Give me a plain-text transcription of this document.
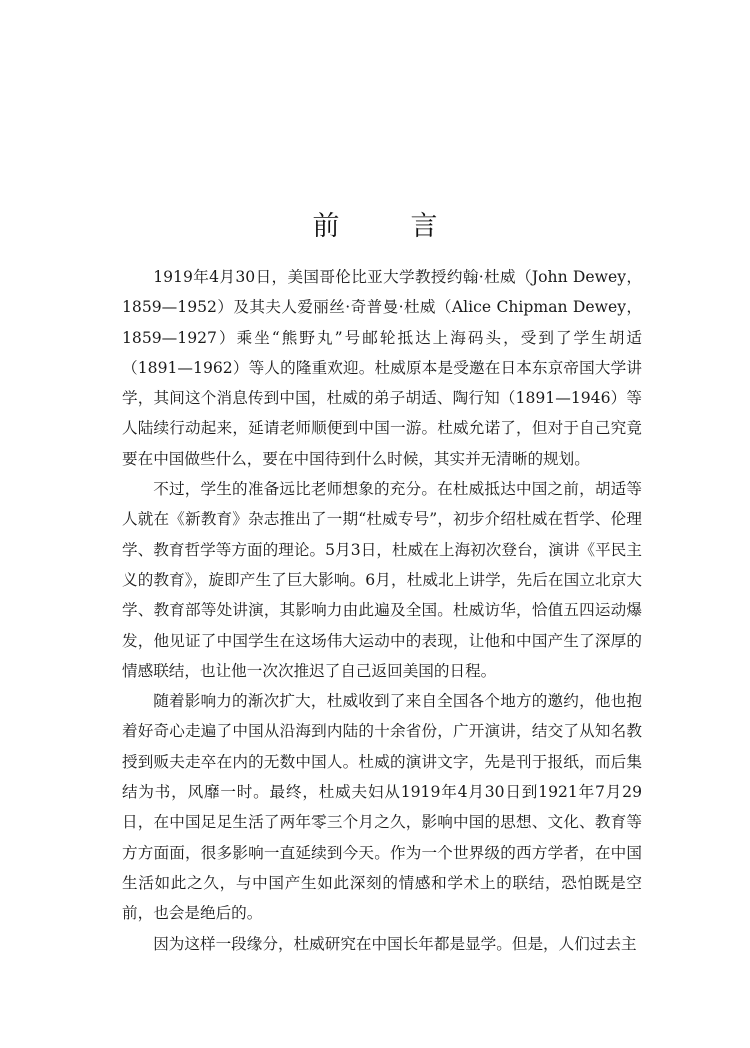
前　言

1919年4月30日，美国哥伦比亚大学教授约翰·杜威（John Dewey，1859—1952）及其夫人爱丽丝·奇普曼·杜威（Alice Chipman Dewey，1859—1927）乘坐“熊野丸”号邮轮抵达上海码头，受到了学生胡适（1891—1962）等人的隆重欢迎。杜威原本是受邀在日本东京帝国大学讲学，其间这个消息传到中国，杜威的弟子胡适、陶行知（1891—1946）等人陆续行动起来，延请老师顺便到中国一游。杜威允诺了，但对于自己究竟要在中国做些什么，要在中国待到什么时候，其实并无清晰的规划。

不过，学生的准备远比老师想象的充分。在杜威抵达中国之前，胡适等人就在《新教育》杂志推出了一期“杜威专号”，初步介绍杜威在哲学、伦理学、教育哲学等方面的理论。5月3日，杜威在上海初次登台，演讲《平民主义的教育》，旋即产生了巨大影响。6月，杜威北上讲学，先后在国立北京大学、教育部等处讲演，其影响力由此遍及全国。杜威访华，恰值五四运动爆发，他见证了中国学生在这场伟大运动中的表现，让他和中国产生了深厚的情感联结，也让他一次次推迟了自己返回美国的日程。

随着影响力的渐次扩大，杜威收到了来自全国各个地方的邀约，他也抱着好奇心走遍了中国从沿海到内陆的十余省份，广开演讲，结交了从知名教授到贩夫走卒在内的无数中国人。杜威的演讲文字，先是刊于报纸，而后集结为书，风靡一时。最终，杜威夫妇从1919年4月30日到1921年7月29日，在中国足足生活了两年零三个月之久，影响中国的思想、文化、教育等方方面面，很多影响一直延续到今天。作为一个世界级的西方学者，在中国生活如此之久，与中国产生如此深刻的情感和学术上的联结，恐怕既是空前，也会是绝后的。

因为这样一段缘分，杜威研究在中国长年都是显学。但是，人们过去主
